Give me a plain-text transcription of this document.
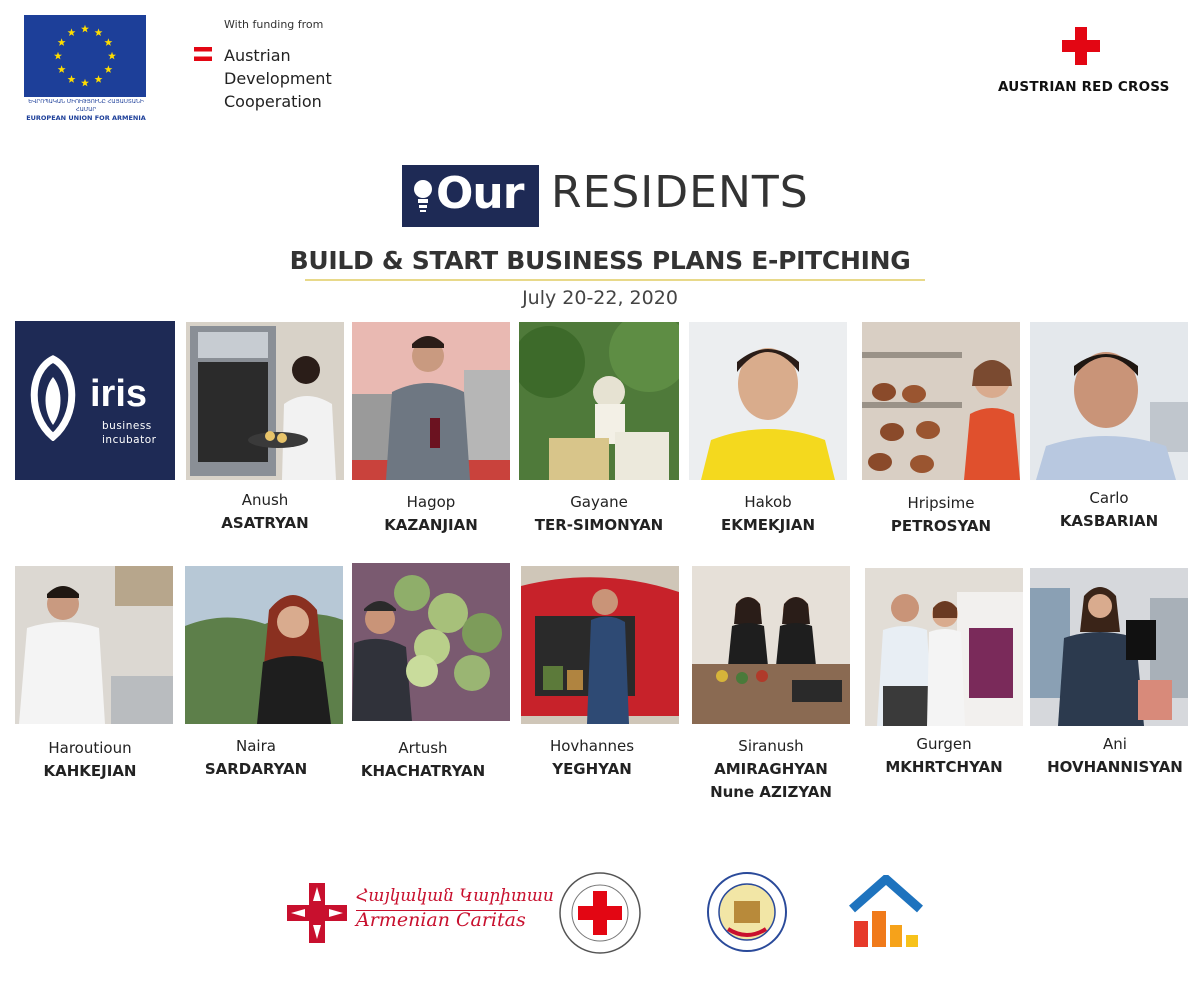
ԵՎՐՈՊԱԿԱՆ ՄԻՈՒԹՅՈՒՆԸ ՀԱՅԱՍՏԱՆԻ ՀԱՄԱՐ
EUROPEAN UNION FOR ARMENIA
With funding from
Austrian
Development
Cooperation
AUSTRIAN RED CROSS
Our RESIDENTS
BUILD & START BUSINESS PLANS E-PITCHING
July 20-22, 2020
iris
business
incubator
Anush
ASATRYAN
Hagop
KAZANJIAN
Gayane
TER-SIMONYAN
Hakob
EKMEKJIAN
Hripsime
PETROSYAN
Carlo
KASBARIAN
Haroutioun
KAHKEJIAN
Naira
SARDARYAN
Artush
KHACHATRYAN
Hovhannes
YEGHYAN
Siranush
AMIRAGHYAN
Nune AZIZYAN
Gurgen
MKHRTCHYAN
Ani
HOVHANNISYAN
Հայկական Կարիտաս
Armenian Caritas
